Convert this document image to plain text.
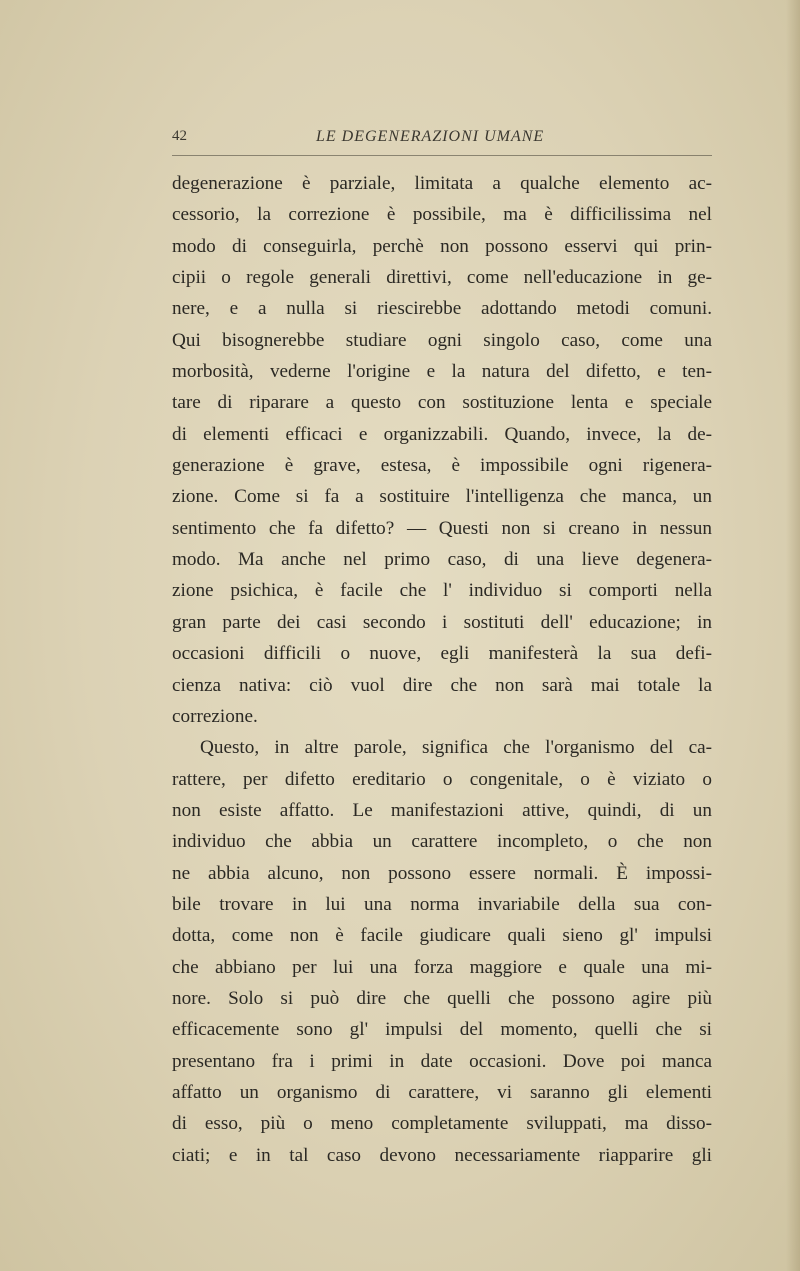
42	LE DEGENERAZIONI UMANE
degenerazione è parziale, limitata a qualche elemento ac-
cessorio, la correzione è possibile, ma è difficilissima nel
modo di conseguirla, perchè non possono esservi qui prin-
cipii o regole generali direttivi, come nell'educazione in ge-
nere, e a nulla si riescirebbe adottando metodi comuni.
Qui bisognerebbe studiare ogni singolo caso, come una
morbosità, vederne l'origine e la natura del difetto, e ten-
tare di riparare a questo con sostituzione lenta e speciale
di elementi efficaci e organizzabili. Quando, invece, la de-
generazione è grave, estesa, è impossibile ogni rigenera-
zione. Come si fa a sostituire l'intelligenza che manca, un
sentimento che fa difetto? — Questi non si creano in nessun
modo. Ma anche nel primo caso, di una lieve degenera-
zione psichica, è facile che l' individuo si comporti nella
gran parte dei casi secondo i sostituti dell' educazione; in
occasioni difficili o nuove, egli manifesterà la sua defi-
cienza nativa: ciò vuol dire che non sarà mai totale la
correzione.
Questo, in altre parole, significa che l'organismo del ca-
rattere, per difetto ereditario o congenitale, o è viziato o
non esiste affatto. Le manifestazioni attive, quindi, di un
individuo che abbia un carattere incompleto, o che non
ne abbia alcuno, non possono essere normali. È impossi-
bile trovare in lui una norma invariabile della sua con-
dotta, come non è facile giudicare quali sieno gl' impulsi
che abbiano per lui una forza maggiore e quale una mi-
nore. Solo si può dire che quelli che possono agire più
efficacemente sono gl' impulsi del momento, quelli che si
presentano fra i primi in date occasioni. Dove poi manca
affatto un organismo di carattere, vi saranno gli elementi
di esso, più o meno completamente sviluppati, ma disso-
ciati; e in tal caso devono necessariamente riapparire gli
